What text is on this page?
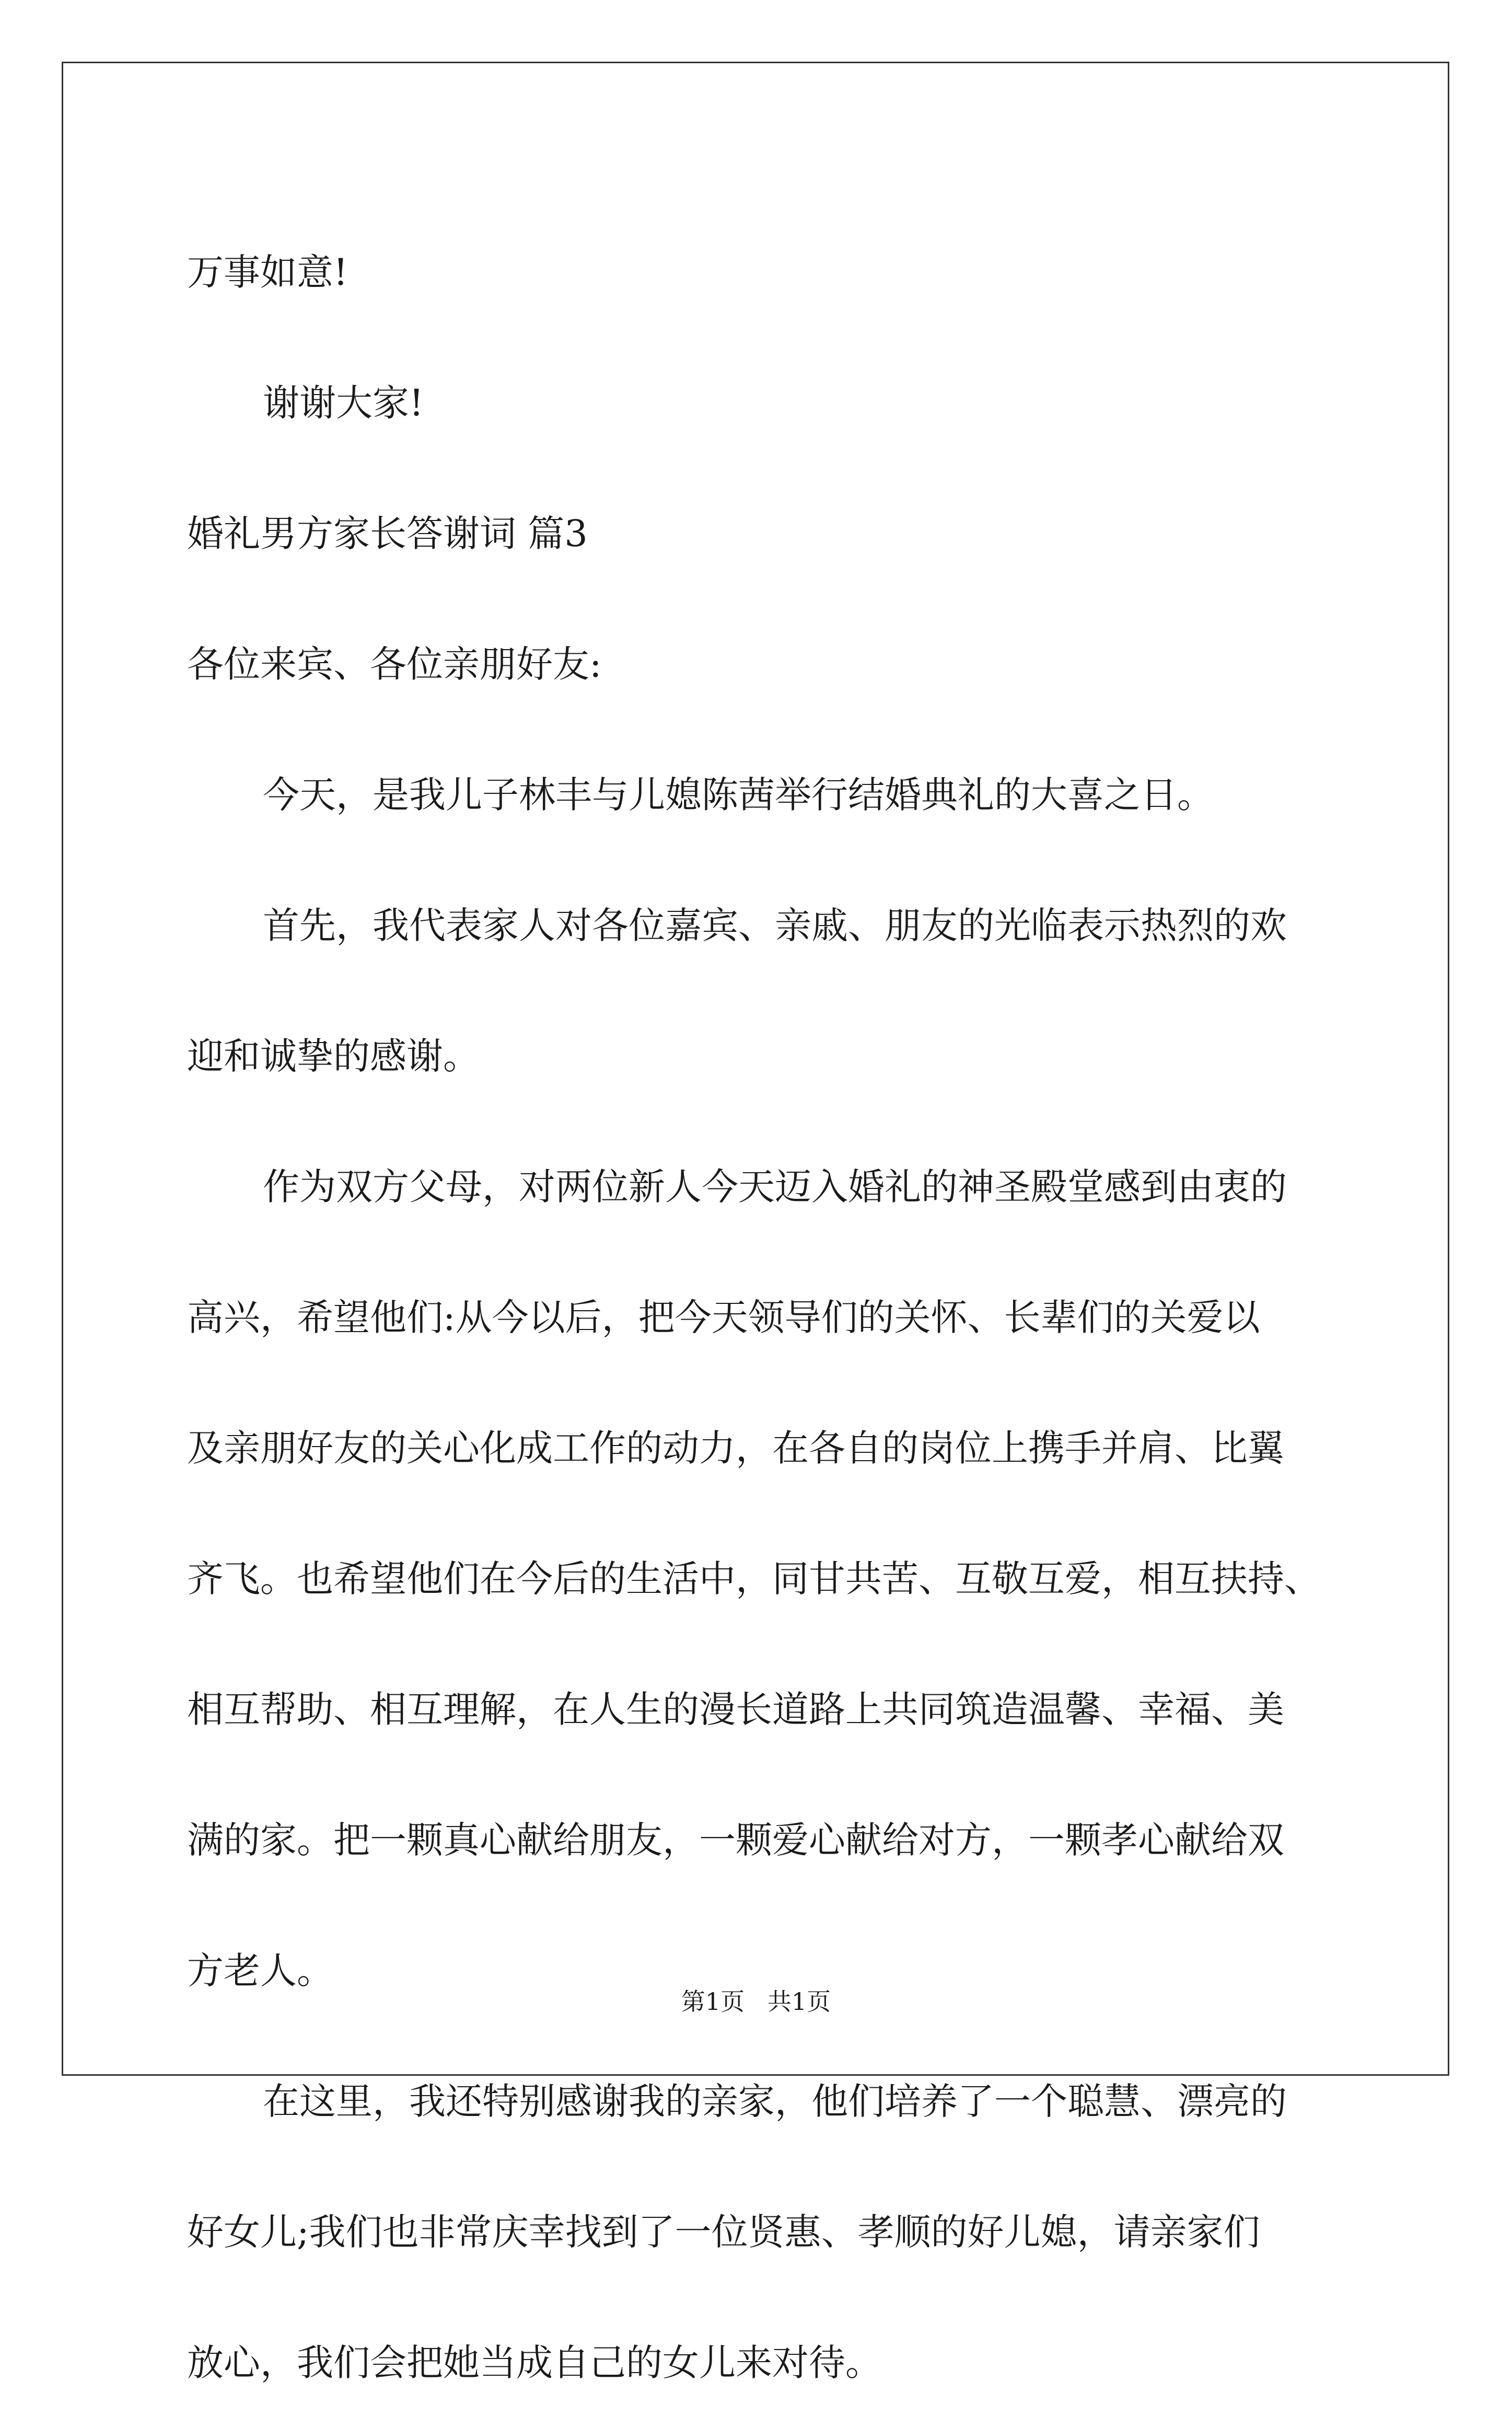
万事如意!
谢谢大家!
婚礼男方家长答谢词 篇3
各位来宾、各位亲朋好友:
今天，是我儿子林丰与儿媳陈茜举行结婚典礼的大喜之日。
首先，我代表家人对各位嘉宾、亲戚、朋友的光临表示热烈的欢
迎和诚挚的感谢。
作为双方父母，对两位新人今天迈入婚礼的神圣殿堂感到由衷的
高兴，希望他们:从今以后，把今天领导们的关怀、长辈们的关爱以
及亲朋好友的关心化成工作的动力，在各自的岗位上携手并肩、比翼
齐飞。也希望他们在今后的生活中，同甘共苦、互敬互爱，相互扶持、
相互帮助、相互理解，在人生的漫长道路上共同筑造温馨、幸福、美
满的家。把一颗真心献给朋友，一颗爱心献给对方，一颗孝心献给双
方老人。
在这里，我还特别感谢我的亲家，他们培养了一个聪慧、漂亮的
好女儿;我们也非常庆幸找到了一位贤惠、孝顺的好儿媳，请亲家们
放心，我们会把她当成自己的女儿来对待。
第1页   共1页
